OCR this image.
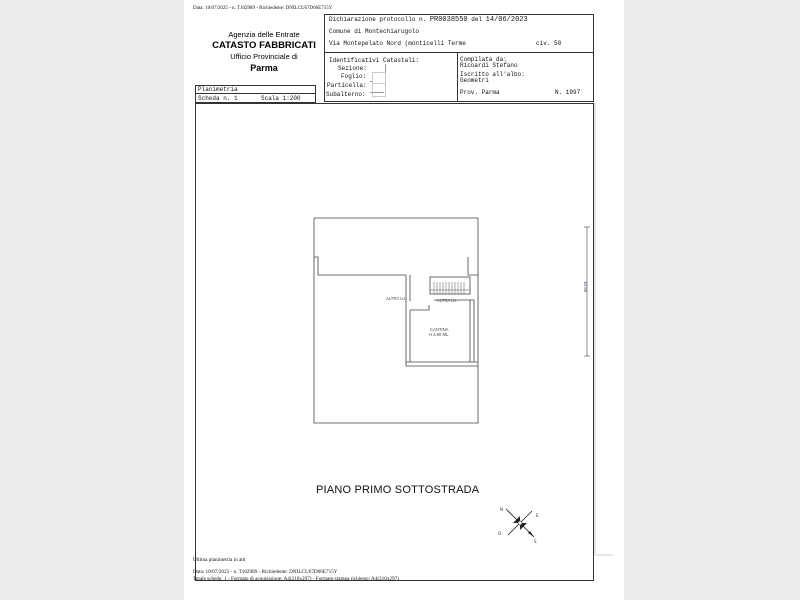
Data: 10/07/2025 - n. T102989 - Richiedente: DNILCU67D06E715Y
Agenzia delle Entrate
CATASTO FABBRICATI
Ufficio Provinciale di
Parma
Dichiarazione protocollo n. PR0038550 del 14/06/2023
Comune di Montechiarugolo
Via Montepelato Nord (monticelli Terme	civ. 50
Identificativi Catastali:
Sezione:
Foglio:
Particella:
Subalterno:
Compilata da:
Ricoardi Stefano
Iscritto all'albo:
Geometri
Prov. Parma	N. 1997
Planimetria
Scheda n. 1	Scala 1:200
N
E
O
S
ALTRA U.I.	ALTRA U.I.
CANTINA
H 2.60 ML
10.90
PIANO PRIMO SOTTOSTRADA
Ultima planimetria in atti
Data: 10/07/2025 - n. T102989 - Richiedente: DNILCU67D06E715Y
Totale schede: 1 - Formato di acquisizione: A4(210x297) - Formato stampa richiesto: A4(210x297)
